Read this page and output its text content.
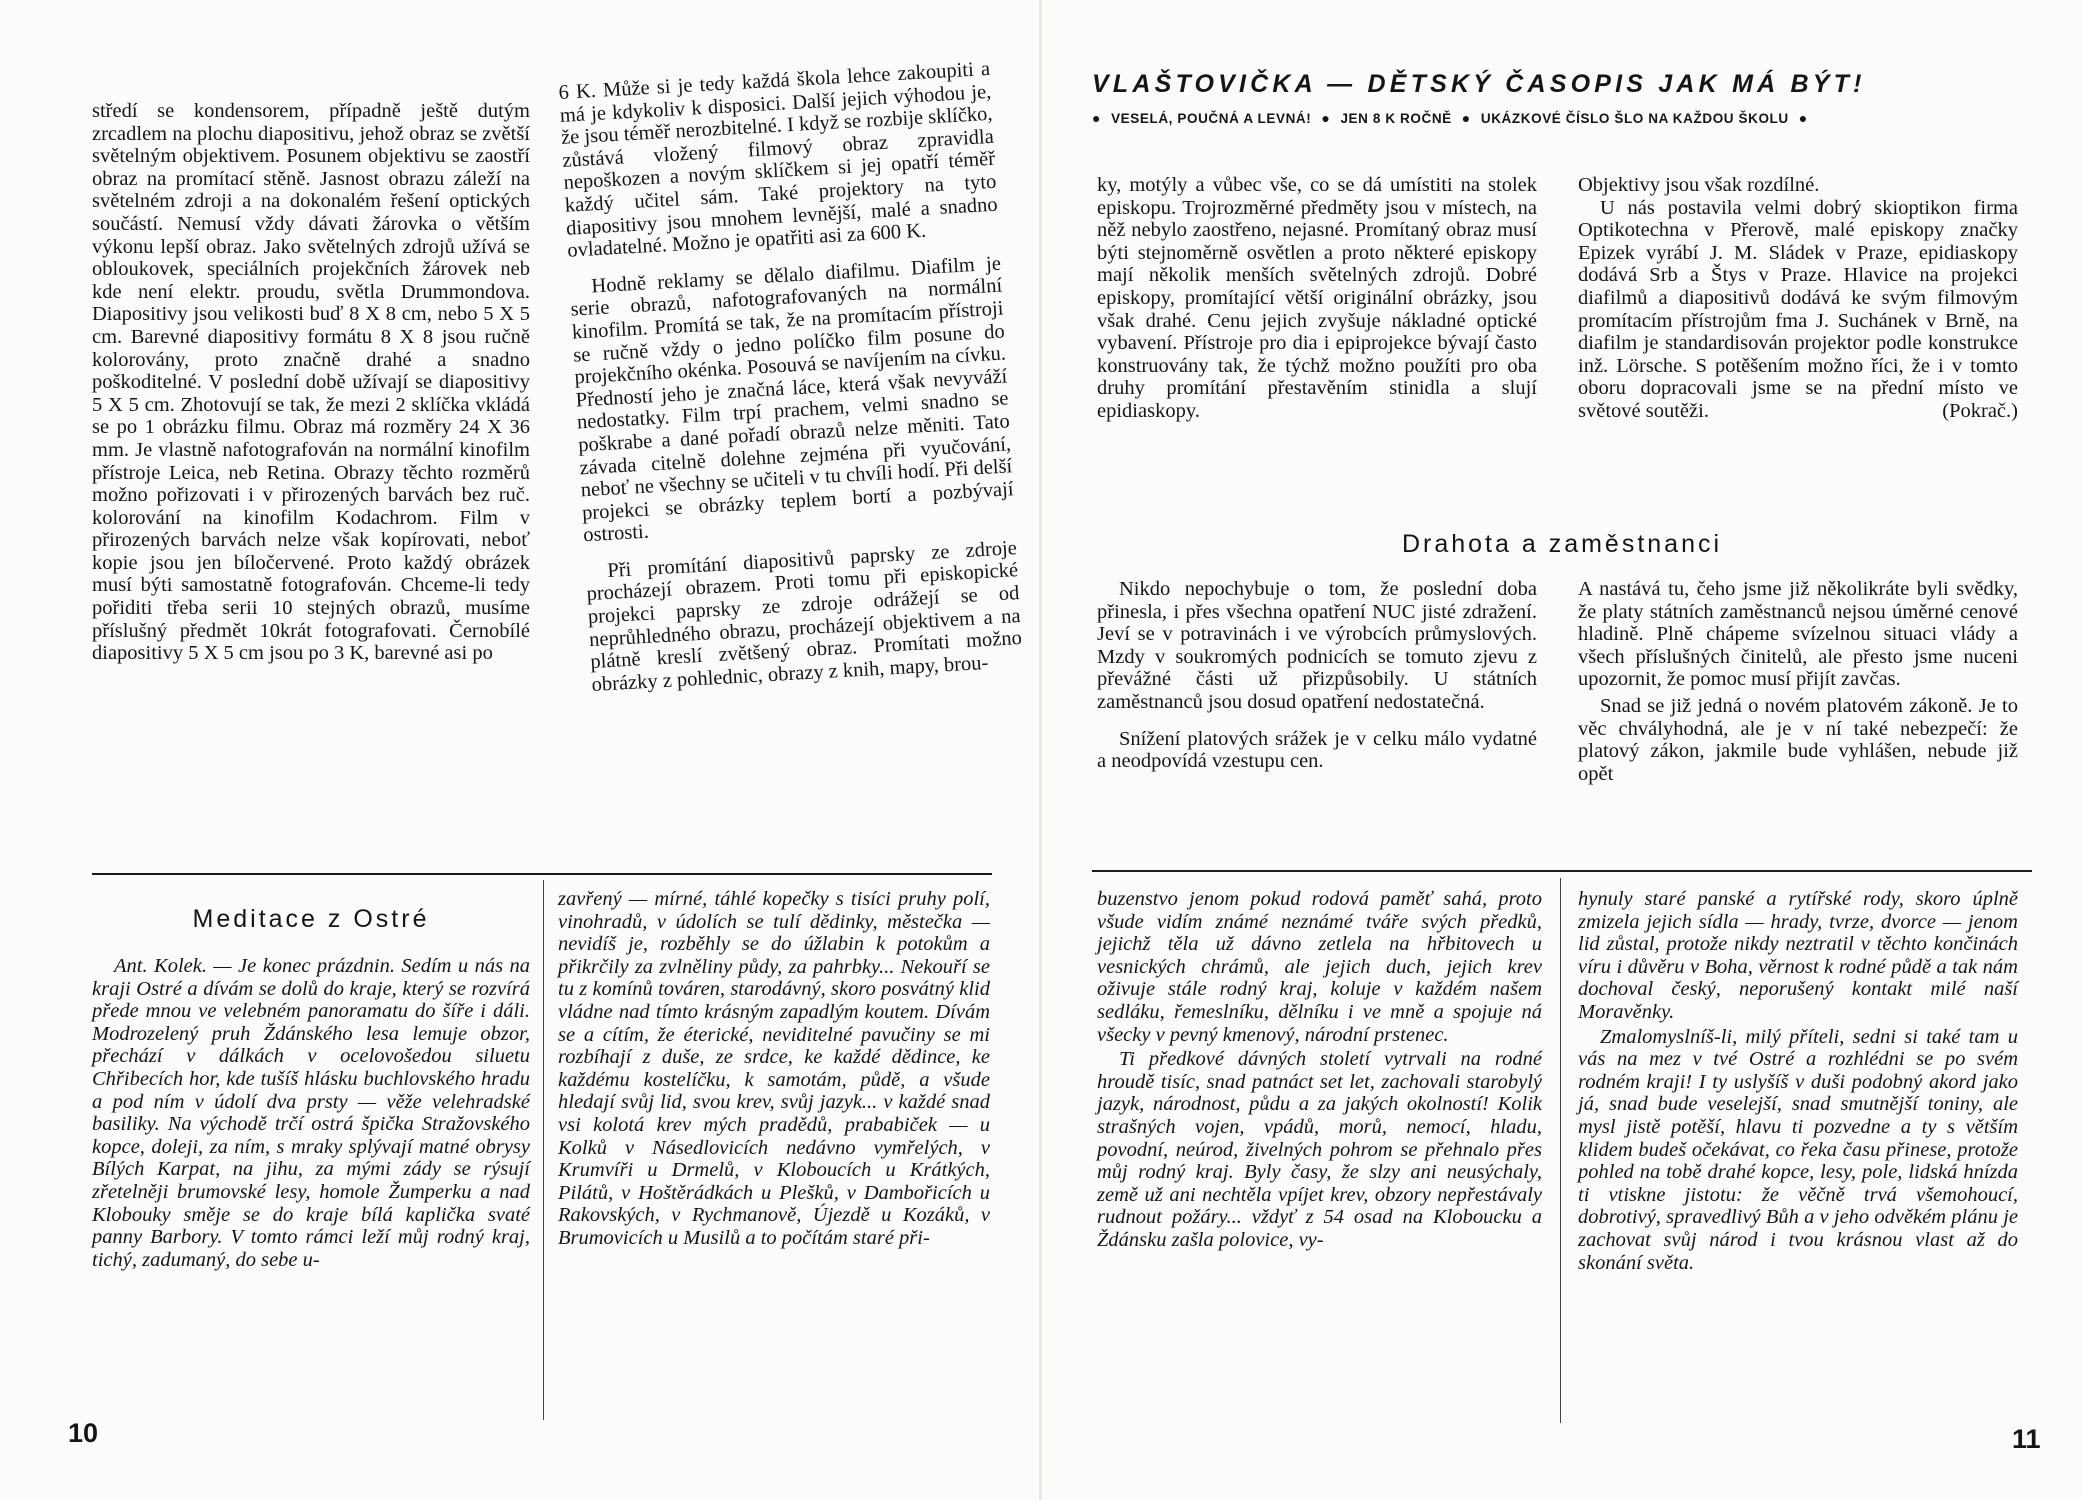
středí se kondensorem, případně ještě dutým zrcadlem na plochu diapositivu, jehož obraz se zvětší světelným objektivem. Posunem objektivu se zaostří obraz na promítací stěně. Jasnost obrazu záleží na světelném zdroji a na dokonalém řešení optických součástí. Nemusí vždy dávati žárovka o větším výkonu lepší obraz. Jako světelných zdrojů užívá se obloukovek, speciálních projekčních žárovek neb kde není elektr. proudu, světla Drummondova. Diapositivy jsou velikosti buď 8 X 8 cm, nebo 5 X 5 cm. Barevné diapositivy formátu 8 X 8 jsou ručně kolorovány, proto značně drahé a snadno poškoditelné. V poslední době užívají se diapositivy 5 X 5 cm. Zhotovují se tak, že mezi 2 sklíčka vkládá se po 1 obrázku filmu. Obraz má rozměry 24 X 36 mm. Je vlastně nafotografován na normální kinofilm přístroje Leica, neb Retina. Obrazy těchto rozměrů možno pořizovati i v přirozených barvách bez ruč. kolorování na kinofilm Kodachrom. Film v přirozených barvách nelze však kopírovati, neboť kopie jsou jen bíločervené. Proto každý obrázek musí býti samostatně fotografován. Chceme-li tedy pořiditi třeba serii 10 stejných obrazů, musíme příslušný předmět 10krát fotografovati. Černobílé diapositivy 5 X 5 cm jsou po 3 K, barevné asi po

6 K. Může si je tedy každá škola lehce zakoupiti a má je kdykoliv k disposici. Další jejich výhodou je, že jsou téměř nerozbitelné. I když se rozbije sklíčko, zůstává vložený filmový obraz zpravidla nepoškozen a novým sklíčkem si jej opatří téměř každý učitel sám. Také projektory na tyto diapositivy jsou mnohem levnější, malé a snadno ovladatelné. Možno je opatřiti asi za 600 K.

Hodně reklamy se dělalo diafilmu. Diafilm je serie obrazů, nafotografovaných na normální kinofilm. Promítá se tak, že na promítacím přístroji se ručně vždy o jedno políčko film posune do projekčního okénka. Posouvá se navíjením na cívku. Předností jeho je značná láce, která však nevyváží nedostatky. Film trpí prachem, velmi snadno se poškrabe a dané pořadí obrazů nelze měniti. Tato závada citelně dolehne zejména při vyučování, neboť ne všechny se učiteli v tu chvíli hodí. Při delší projekci se obrázky teplem bortí a pozbývají ostrosti.

Při promítání diapositivů paprsky ze zdroje procházejí obrazem. Proti tomu při episkopické projekci paprsky ze zdroje odrážejí se od neprůhledného obrazu, procházejí objektivem a na plátně kreslí zvětšený obraz. Promítati možno obrázky z pohlednic, obrazy z knih, mapy, brou-

Meditace z Ostré

Ant. Kolek. — Je konec prázdnin. Sedím u nás na kraji Ostré a dívám se dolů do kraje, který se rozvírá přede mnou ve velebném panoramatu do šíře i dáli. Modrozelený pruh Ždánského lesa lemuje obzor, přechází v dálkách v ocelovošedou siluetu Chřibecích hor, kde tušíš hlásku buchlovského hradu a pod ním v údolí dva prsty — věže velehradské basiliky. Na východě trčí ostrá špička Stražovského kopce, doleji, za ním, s mraky splývají matné obrysy Bílých Karpat, na jihu, za mými zády se rýsují zřetelněji brumovské lesy, homole Žumperku a nad Klobouky směje se do kraje bílá kaplička svaté panny Barbory. V tomto rámci leží můj rodný kraj, tichý, zadumaný, do sebe u-

zavřený — mírné, táhlé kopečky s tisíci pruhy polí, vinohradů, v údolích se tulí dědinky, městečka — nevidíš je, rozběhly se do úžlabin k potokům a přikrčily za zvlněliny půdy, za pahrbky... Nekouří se tu z komínů továren, starodávný, skoro posvátný klid vládne nad tímto krásným zapadlým koutem. Dívám se a cítím, že éterické, neviditelné pavučiny se mi rozbíhají z duše, ze srdce, ke každé dědince, ke každému kostelíčku, k samotám, půdě, a všude hledají svůj lid, svou krev, svůj jazyk... v každé snad vsi kolotá krev mých pradědů, prababiček — u Kolků v Násedlovicích nedávno vymřelých, v Krumvíři u Drmelů, v Kloboucích u Krátkých, Pilátů, v Hoštěrádkách u Plešků, v Dambořicích u Rakovských, v Rychmanově, Újezdě u Kozáků, v Brumovicích u Musilů a to počítám staré při-

10
VLAŠTOVIČKA — DĚTSKÝ ČASOPIS JAK MÁ BÝT!
● VESELÁ, POUČNÁ A LEVNÁ! ● JEN 8 K ROČNĚ ● UKÁZKOVÉ ČÍSLO ŠLO NA KAŽDOU ŠKOLU ●

ky, motýly a vůbec vše, co se dá umístiti na stolek episkopu. Trojrozměrné předměty jsou v místech, na něž nebylo zaostřeno, nejasné. Promítaný obraz musí býti stejnoměrně osvětlen a proto některé episkopy mají několik menších světelných zdrojů. Dobré episkopy, promítající větší originální obrázky, jsou však drahé. Cenu jejich zvyšuje nákladné optické vybavení. Přístroje pro dia i epiprojekce bývají často konstruovány tak, že týchž možno použíti pro oba druhy promítání přestavěním stinidla a slují epidiaskopy.

Objektivy jsou však rozdílné.

U nás postavila velmi dobrý skioptikon firma Optikotechna v Přerově, malé episkopy značky Epizek vyrábí J. M. Sládek v Praze, epidiaskopy dodává Srb a Štys v Praze. Hlavice na projekci diafilmů a diapositivů dodává ke svým filmovým promítacím přístrojům fma J. Suchánek v Brně, na diafilm je standardisován projektor podle konstrukce inž. Lörsche. S potěšením možno říci, že i v tomto oboru dopracovali jsme se na přední místo ve světové soutěži.	(Pokrač.)

Drahota a zaměstnanci

Nikdo nepochybuje o tom, že poslední doba přinesla, i přes všechna opatření NUC jisté zdražení. Jeví se v potravinách i ve výrobcích průmyslových. Mzdy v soukromých podnicích se tomuto zjevu z převážné části už přizpůsobily. U státních zaměstnanců jsou dosud opatření nedostatečná.

Snížení platových srážek je v celku málo vydatné a neodpovídá vzestupu cen.

A nastává tu, čeho jsme již několikráte byli svědky, že platy státních zaměstnanců nejsou úměrné cenové hladině. Plně chápeme svízelnou situaci vlády a všech příslušných činitelů, ale přesto jsme nuceni upozornit, že pomoc musí přijít zavčas.

Snad se již jedná o novém platovém zákoně. Je to věc chvályhodná, ale je v ní také nebezpečí: že platový zákon, jakmile bude vyhlášen, nebude již opět

buzenstvo jenom pokud rodová paměť sahá, proto všude vidím známé neznámé tváře svých předků, jejichž těla už dávno zetlela na hřbitovech u vesnických chrámů, ale jejich duch, jejich krev oživuje stále rodný kraj, koluje v každém našem sedláku, řemeslníku, dělníku i ve mně a spojuje ná všecky v pevný kmenový, národní prstenec.

Ti předkové dávných století vytrvali na rodné hroudě tisíc, snad patnáct set let, zachovali starobylý jazyk, národnost, půdu a za jakých okolností! Kolik strašných vojen, vpádů, morů, nemocí, hladu, povodní, neúrod, živelných pohrom se přehnalo přes můj rodný kraj. Byly časy, že slzy ani neusýchaly, země už ani nechtěla vpíjet krev, obzory nepřestávaly rudnout požáry... vždyť z 54 osad na Kloboucku a Ždánsku zašla polovice, vy-

hynuly staré panské a rytířské rody, skoro úplně zmizela jejich sídla — hrady, tvrze, dvorce — jenom lid zůstal, protože nikdy neztratil v těchto končinách víru i důvěru v Boha, věrnost k rodné půdě a tak nám dochoval český, neporušený kontakt milé naší Moravěnky.

Zmalomyslníš-li, milý příteli, sedni si také tam u vás na mez v tvé Ostré a rozhlédni se po svém rodném kraji! I ty uslyšíš v duši podobný akord jako já, snad bude veselejší, snad smutnější toniny, ale mysl jistě potěší, hlavu ti pozvedne a ty s větším klidem budeš očekávat, co řeka času přinese, protože pohled na tobě drahé kopce, lesy, pole, lidská hnízda ti vtiskne jistotu: že věčně trvá všemohoucí, dobrotivý, spravedlivý Bůh a v jeho odvěkém plánu je zachovat svůj národ i tvou krásnou vlast až do skonání světa.

11
